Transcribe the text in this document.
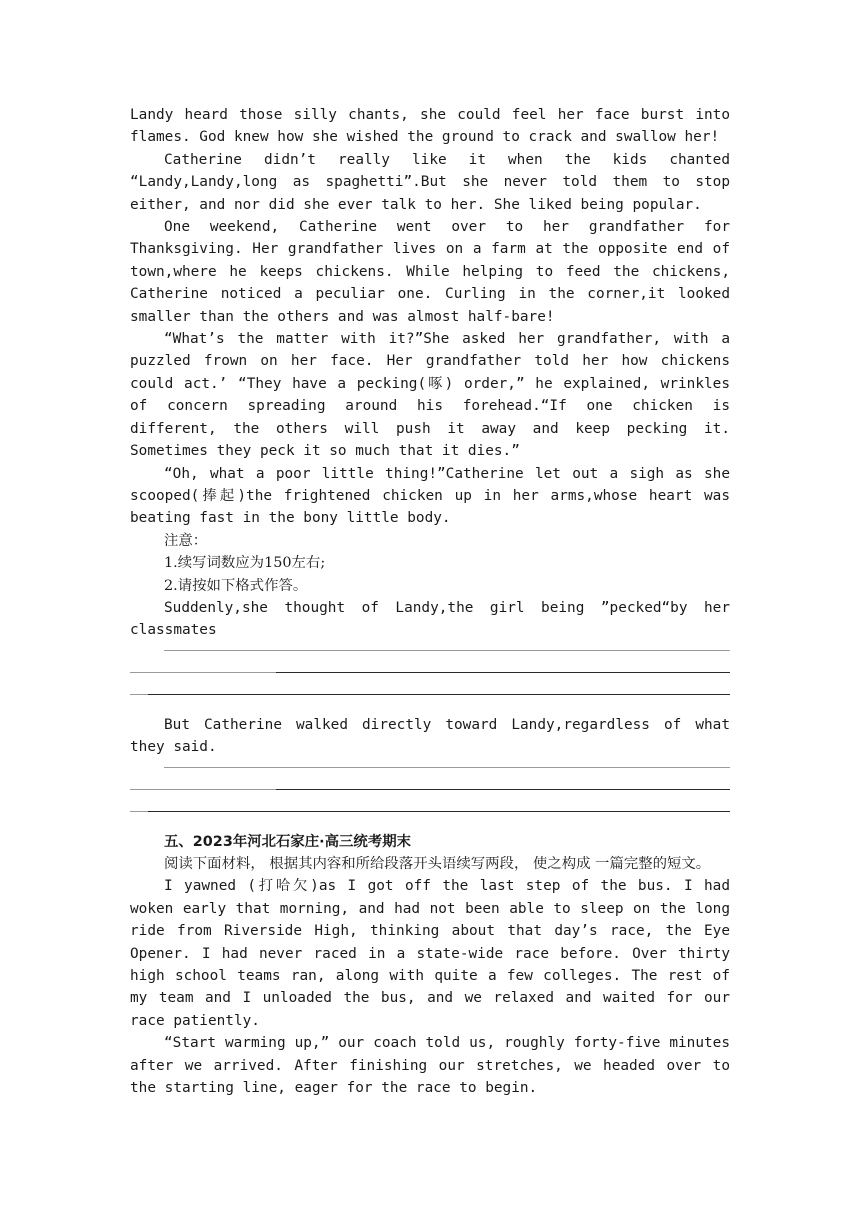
Landy heard those silly chants, she could feel her face burst into flames. God knew how she wished the ground to crack and swallow her!

Catherine didn’t really like it when the kids chanted “Landy,Landy,long as spaghetti”.But she never told them to stop either, and nor did she ever talk to her. She liked being popular.

One weekend, Catherine went over to her grandfather for Thanksgiving. Her grandfather lives on a farm at the opposite end of town,where he keeps chickens. While helping to feed the chickens, Catherine noticed a peculiar one. Curling in the corner,it looked smaller than the others and was almost half-bare!

“What’s the matter with it?”She asked her grandfather, with a puzzled frown on her face. Her grandfather told her how chickens could act.’ “They have a pecking(啄) order,” he explained, wrinkles of concern spreading around his forehead.“If one chicken is different, the others will push it away and keep pecking it. Sometimes they peck it so much that it dies.”

“Oh, what a poor little thing!”Catherine let out a sigh as she scooped(捧起)the frightened chicken up in her arms,whose heart was beating fast in the bony little body.

注意：

1.续写词数应为150左右;

2.请按如下格式作答。

Suddenly,she thought of Landy,the girl being ”pecked“by her classmates

But Catherine walked directly toward Landy,regardless of what they said.

五、2023年河北石家庄·高三统考期末

阅读下面材料， 根据其内容和所给段落开头语续写两段， 使之构成 一篇完整的短文。

I yawned (打哈欠)as I got off the last step of the bus. I had woken early that morning, and had not been able to sleep on the long ride from Riverside High, thinking about that day’s race, the Eye Opener. I had never raced in a state-wide race before. Over thirty high school teams ran, along with quite a few colleges. The rest of my team and I unloaded the bus, and we relaxed and waited for our race patiently.

“Start warming up,” our coach told us, roughly forty-five minutes after we arrived. After finishing our stretches, we headed over to the starting line, eager for the race to begin.
